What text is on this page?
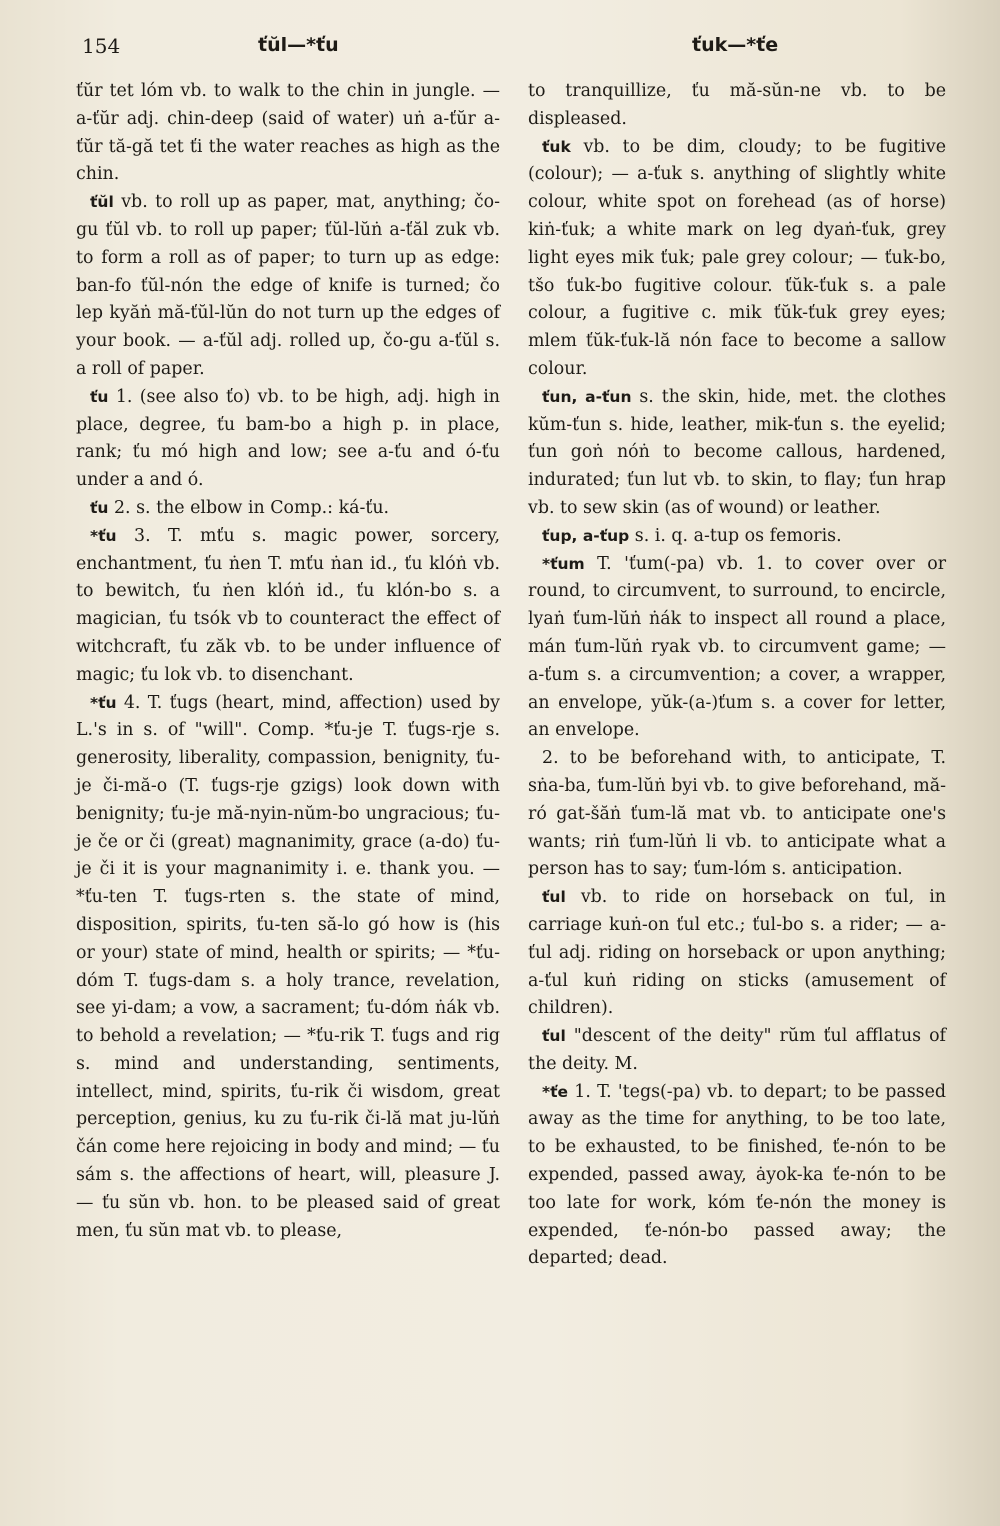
154	ťŭl—*ťu	ťuk—*ťe

ťŭr tet lóm vb. to walk to the chin in jungle. — a-ťŭr adj. chin-deep (said of water) uṅ a-ťŭr a-ťŭr tă-gă tet ťi the water reaches as high as the chin.

ťŭl vb. to roll up as paper, mat, anything; čo-gu ťŭl vb. to roll up paper; ťŭl-lŭṅ a-ťăl zuk vb. to form a roll as of paper; to turn up as edge: ban-fo ťŭl-nón the edge of knife is turned; čo lep kyăṅ mă-ťŭl-lŭn do not turn up the edges of your book. — a-ťŭl adj. rolled up, čo-gu a-ťŭl s. a roll of paper.

ťu 1. (see also ťo) vb. to be high, adj. high in place, degree, ťu bam-bo a high p. in place, rank; ťu mó high and low; see a-ťu and ó-ťu under a and ó.

ťu 2. s. the elbow in Comp.: ká-ťu.

*ťu 3. T. mťu s. magic power, sorcery, enchantment, ťu ṅen T. mťu ṅan id., ťu klóṅ vb. to bewitch, ťu ṅen klóṅ id., ťu klón-bo s. a magician, ťu tsók vb to counteract the effect of witchcraft, ťu zăk vb. to be under influence of magic; ťu lok vb. to disenchant.

*ťu 4. T. ťugs (heart, mind, affection) used by L.'s in s. of "will". Comp. *ťu-je T. ťugs-rje s. generosity, liberality, compassion, benignity, ťu-je či-mă-o (T. ťugs-rje gzigs) look down with benignity; ťu-je mă-nyin-nŭm-bo ungracious; ťu-je če or či (great) magnanimity, grace (a-do) ťu-je či it is your magnanimity i. e. thank you. — *ťu-ten T. ťugs-rten s. the state of mind, disposition, spirits, ťu-ten să-lo gó how is (his or your) state of mind, health or spirits; — *ťu-dóm T. ťugs-dam s. a holy trance, revelation, see yi-dam; a vow, a sacrament; ťu-dóm ṅák vb. to behold a revelation; — *ťu-rik T. ťugs and rig s. mind and understanding, sentiments, intellect, mind, spirits, ťu-rik či wisdom, great perception, genius, ku zu ťu-rik či-lă mat ju-lŭṅ čán come here rejoicing in body and mind; — ťu sám s. the affections of heart, will, pleasure J. — ťu sŭn vb. hon. to be pleased said of great men, ťu sŭn mat vb. to please,

to tranquillize, ťu mă-sŭn-ne vb. to be displeased.

ťuk vb. to be dim, cloudy; to be fugitive (colour); — a-ťuk s. anything of slightly white colour, white spot on forehead (as of horse) kiṅ-ťuk; a white mark on leg dyaṅ-ťuk, grey light eyes mik ťuk; pale grey colour; — ťuk-bo, tšo ťuk-bo fugitive colour. ťŭk-ťuk s. a pale colour, a fugitive c. mik ťŭk-ťuk grey eyes; mlem ťŭk-ťuk-lă nón face to become a sallow colour.

ťun, a-ťun s. the skin, hide, met. the clothes kŭm-ťun s. hide, leather, mik-ťun s. the eyelid; ťun goṅ nóṅ to become callous, hardened, indurated; ťun lut vb. to skin, to flay; ťun hrap vb. to sew skin (as of wound) or leather.

ťup, a-ťup s. i. q. a-tup os femoris.

*ťum T. 'ťum(-pa) vb. 1. to cover over or round, to circumvent, to surround, to encircle, lyaṅ ťum-lŭṅ ṅák to inspect all round a place, mán ťum-lŭṅ ryak vb. to circumvent game; — a-ťum s. a circumvention; a cover, a wrapper, an envelope, yŭk-(a-)ťum s. a cover for letter, an envelope.

2. to be beforehand with, to anticipate, T. sṅa-ba, ťum-lŭṅ byi vb. to give beforehand, mă-ró gat-šăṅ ťum-lă mat vb. to anticipate one's wants; riṅ ťum-lŭṅ li vb. to anticipate what a person has to say; ťum-lóm s. anticipation.

ťul vb. to ride on horseback on ťul, in carriage kuṅ-on ťul etc.; ťul-bo s. a rider; — a-ťul adj. riding on horseback or upon anything; a-ťul kuṅ riding on sticks (amusement of children).

ťul "descent of the deity" rŭm ťul afflatus of the deity. M.

*ťe 1. T. 'tegs(-pa) vb. to depart; to be passed away as the time for anything, to be too late, to be exhausted, to be finished, ťe-nón to be expended, passed away, ȧyok-ka ťe-nón to be too late for work, kóm ťe-nón the money is expended, ťe-nón-bo passed away; the departed; dead.
